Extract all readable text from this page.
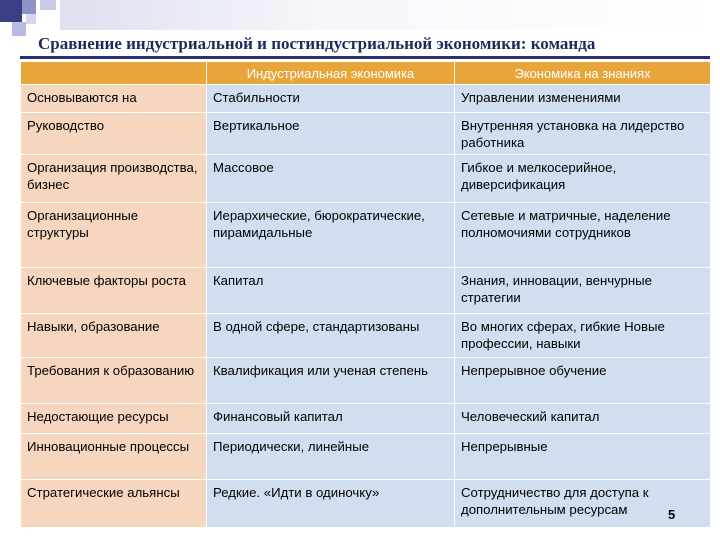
Сравнение индустриальной и постиндустриальной экономики: команда
	Индустриальная экономика	Экономика на знаниях
Основываются на	Стабильности	Управлении изменениями
Руководство	Вертикальное	Внутренняя установка на лидерство работника
Организация производства, бизнес	Массовое	Гибкое и мелкосерийное, диверсификация
Организационные структуры	Иерархические, бюрократические, пирамидальные	Сетевые и матричные, наделение полномочиями сотрудников
Ключевые факторы роста	Капитал	Знания, инновации, венчурные стратегии
Навыки, образование	В одной сфере, стандартизованы	Во многих сферах, гибкие Новые профессии, навыки
Требования к образованию	Квалификация или ученая степень	Непрерывное обучение
Недостающие ресурсы	Финансовый капитал	Человеческий капитал
Инновационные процессы	Периодически, линейные	Непрерывные
Стратегические альянсы	Редкие. «Идти в одиночку»	Сотрудничество для доступа к дополнительным ресурсам	5
